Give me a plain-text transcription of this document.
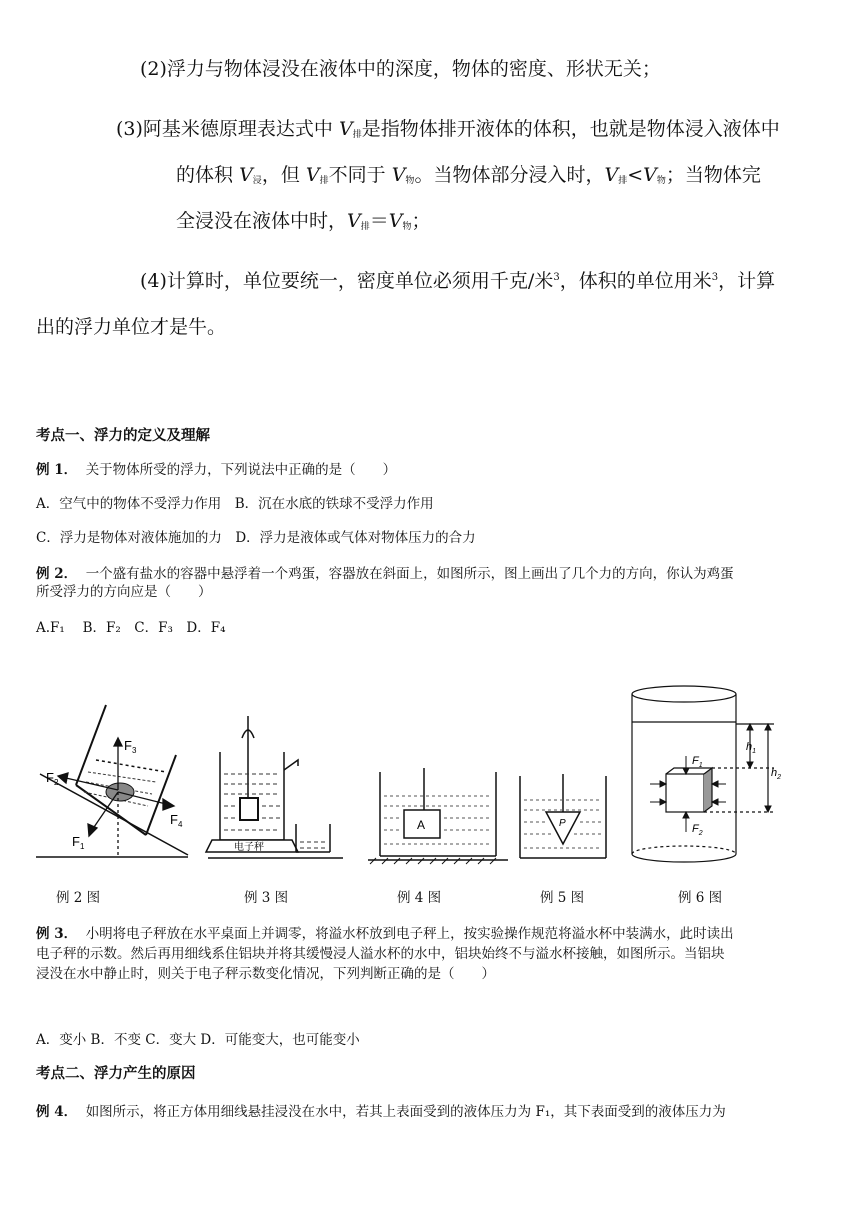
(2)浮力与物体浸没在液体中的深度，物体的密度、形状无关；
(3)阿基米德原理表达式中 $V_排$是指物体排开液体的体积，也就是物体浸入液体中
的体积 $V_浸$，但 $V_排$不同于 $V_物$。当物体部分浸入时，$V_排<V_物$；当物体完
全浸没在液体中时，$V_排=V_物$；
(4)计算时，单位要统一，密度单位必须用千克/米$^3$，体积的单位用米$^3$，计算
出的浮力单位才是牛。
考点一、浮力的定义及理解
例 1． 关于物体所受的浮力，下列说法中正确的是（　　）
A．空气中的物体不受浮力作用　B．沉在水底的铁球不受浮力作用
C．浮力是物体对液体施加的力　D．浮力是液体或气体对物体压力的合力
例 2． 一个盛有盐水的容器中悬浮着一个鸡蛋，容器放在斜面上，如图所示，图上画出了几个力的方向，你认为鸡蛋
所受浮力的方向应是（　　）
A.F₁　 B．F₂　C．F₃　D．F₄
$F_3$
$F_2$
$F_4$
$F_1$	电子秤
A	P
$h_1$
$h_2$
$F_1$
$F_2$
例 2 图	例 3 图	例 4 图	例 5 图	例 6 图
例 3． 小明将电子秤放在水平桌面上并调零，将溢水杯放到电子秤上，按实验操作规范将溢水杯中装满水，此时读出
电子秤的示数。然后再用细线系住铝块并将其缓慢浸人溢水杯的水中，铝块始终不与溢水杯接触，如图所示。当铝块
浸没在水中静止时，则关于电子秤示数变化情况，下列判断正确的是（　　）
A．变小 B．不变 C．变大 D．可能变大，也可能变小
考点二、浮力产生的原因
例 4． 如图所示，将正方体用细线悬挂浸没在水中，若其上表面受到的液体压力为 F₁，其下表面受到的液体压力为
